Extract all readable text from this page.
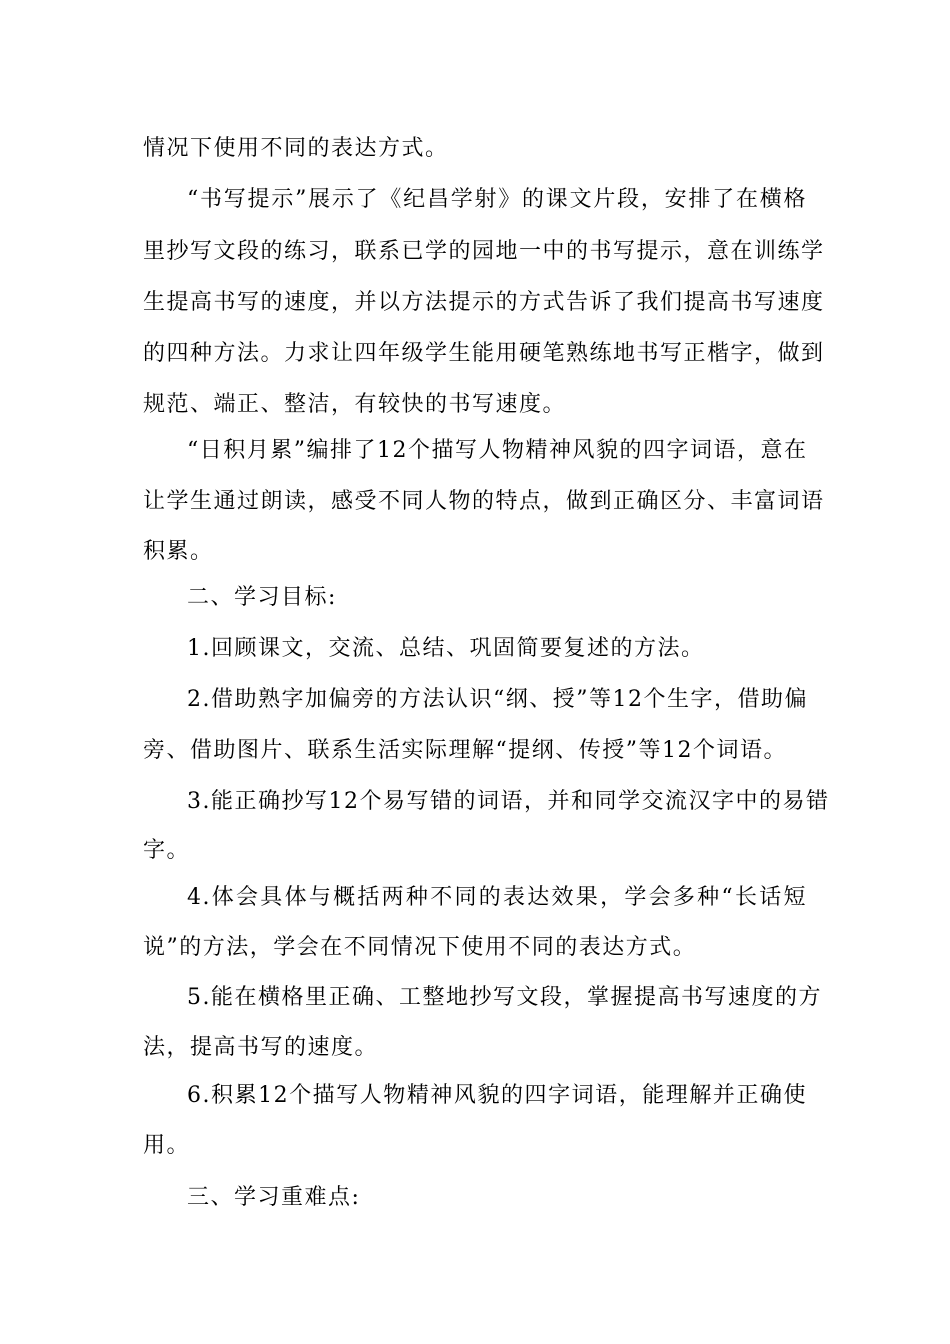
情况下使用不同的表达方式。
“书写提示”展示了《纪昌学射》的课文片段，安排了在横格
里抄写文段的练习，联系已学的园地一中的书写提示，意在训练学
生提高书写的速度，并以方法提示的方式告诉了我们提高书写速度
的四种方法。力求让四年级学生能用硬笔熟练地书写正楷字，做到
规范、端正、整洁，有较快的书写速度。
“日积月累”编排了12个描写人物精神风貌的四字词语，意在
让学生通过朗读，感受不同人物的特点，做到正确区分、丰富词语
积累。
二、学习目标:
1.回顾课文，交流、总结、巩固简要复述的方法。
2.借助熟字加偏旁的方法认识“纲、授”等12个生字，借助偏
旁、借助图片、联系生活实际理解“提纲、传授”等12个词语。
3.能正确抄写12个易写错的词语，并和同学交流汉字中的易错
字。
4.体会具体与概括两种不同的表达效果，学会多种“长话短
说”的方法，学会在不同情况下使用不同的表达方式。
5.能在横格里正确、工整地抄写文段，掌握提高书写速度的方
法，提高书写的速度。
6.积累12个描写人物精神风貌的四字词语，能理解并正确使
用。
三、学习重难点:
